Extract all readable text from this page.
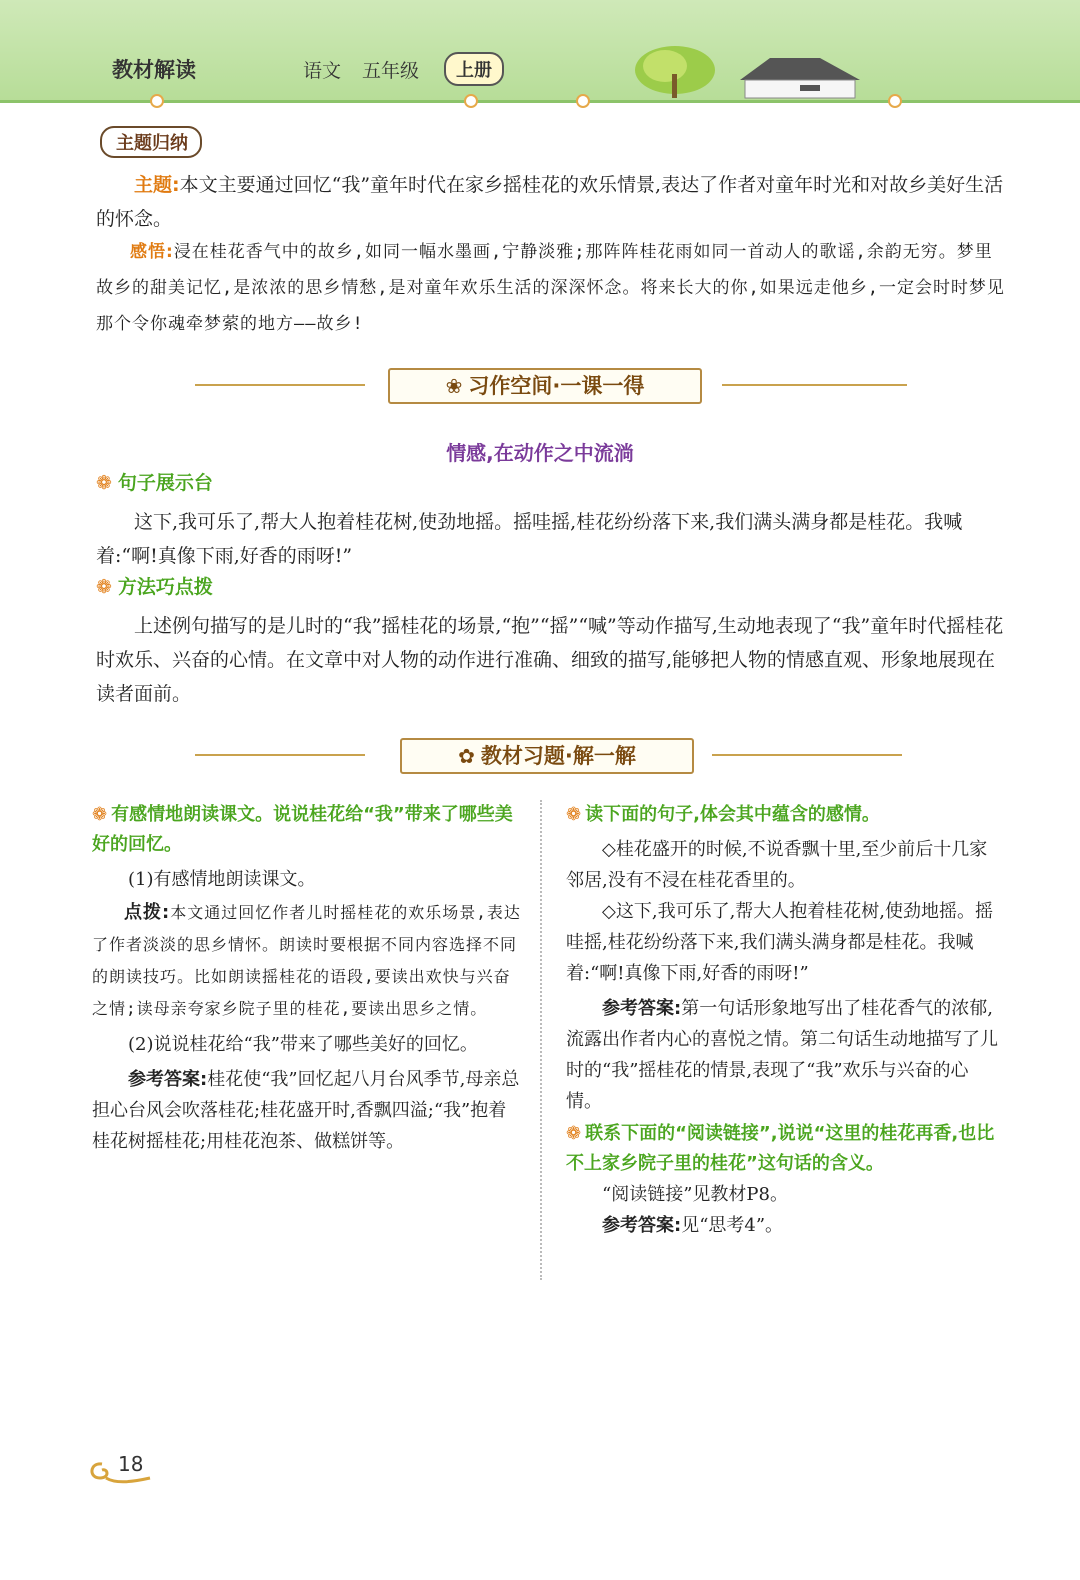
教材解读	语文 五年级	上册
主题归纳
主题:本文主要通过回忆“我”童年时代在家乡摇桂花的欢乐情景,表达了作者对童年时光和对故乡美好生活的怀念。
感悟:浸在桂花香气中的故乡,如同一幅水墨画,宁静淡雅;那阵阵桂花雨如同一首动人的歌谣,余韵无穷。梦里故乡的甜美记忆,是浓浓的思乡情愁,是对童年欢乐生活的深深怀念。将来长大的你,如果远走他乡,一定会时时梦见那个令你魂牵梦萦的地方——故乡!
❀ 习作空间·一课一得
情感,在动作之中流淌
❁ 句子展示台
这下,我可乐了,帮大人抱着桂花树,使劲地摇。摇哇摇,桂花纷纷落下来,我们满头满身都是桂花。我喊着:“啊!真像下雨,好香的雨呀!”
❁ 方法巧点拨
上述例句描写的是儿时的“我”摇桂花的场景,“抱”“摇”“喊”等动作描写,生动地表现了“我”童年时代摇桂花时欢乐、兴奋的心情。在文章中对人物的动作进行准确、细致的描写,能够把人物的情感直观、形象地展现在读者面前。
✿ 教材习题·解一解

❁ 有感情地朗读课文。说说桂花给“我”带来了哪些美好的回忆。

(1)有感情地朗读课文。

点拨:本文通过回忆作者儿时摇桂花的欢乐场景,表达了作者淡淡的思乡情怀。朗读时要根据不同内容选择不同的朗读技巧。比如朗读摇桂花的语段,要读出欢快与兴奋之情;读母亲夸家乡院子里的桂花,要读出思乡之情。

(2)说说桂花给“我”带来了哪些美好的回忆。

参考答案:桂花使“我”回忆起八月台风季节,母亲总担心台风会吹落桂花;桂花盛开时,香飘四溢;“我”抱着桂花树摇桂花;用桂花泡茶、做糕饼等。

❁ 读下面的句子,体会其中蕴含的感情。

◇桂花盛开的时候,不说香飘十里,至少前后十几家邻居,没有不浸在桂花香里的。

◇这下,我可乐了,帮大人抱着桂花树,使劲地摇。摇哇摇,桂花纷纷落下来,我们满头满身都是桂花。我喊着:“啊!真像下雨,好香的雨呀!”

参考答案:第一句话形象地写出了桂花香气的浓郁,流露出作者内心的喜悦之情。第二句话生动地描写了儿时的“我”摇桂花的情景,表现了“我”欢乐与兴奋的心情。

❁ 联系下面的“阅读链接”,说说“这里的桂花再香,也比不上家乡院子里的桂花”这句话的含义。

“阅读链接”见教材P8。

参考答案:见“思考4”。

18
